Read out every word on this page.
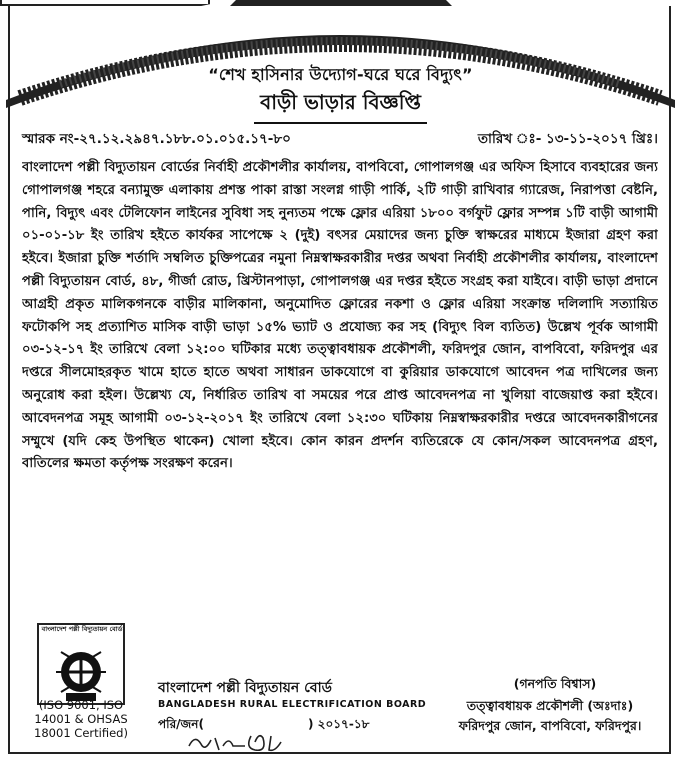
“শেখ হাসিনার উদ্যোগ-ঘরে ঘরে বিদ্যুৎ”
বাড়ী ভাড়ার বিজ্ঞপ্তি
স্মারক নং-২৭.১২.২৯৪৭.১৮৮.০১.০১৫.১৭-৮০	তারিখ ঃ- ১৩-১১-২০১৭ খ্রিঃ।
বাংলাদেশ পল্লী বিদ্যুতায়ন বোর্ডের নির্বাহী প্রকৌশলীর কার্যালয়, বাপবিবো, গোপালগঞ্জ এর অফিস হিসাবে ব্যবহারের জন্য গোপালগঞ্জ শহরে বন্যামুক্ত এলাকায় প্রশস্ত পাকা রাস্তা সংলগ্ন গাড়ী পার্কি, ২টি গাড়ী রাখিবার গ্যারেজ, নিরাপত্তা বেষ্টনি, পানি, বিদ্যুৎ এবং টেলিফোন লাইনের সুবিধা সহ নুন্যতম পক্ষে ফ্লোর এরিয়া ১৮০০ বর্গফুট ফ্লোর সম্পন্ন ১টি বাড়ী আগামী ০১-০১-১৮ ইং তারিখ হইতে কার্যকর সাপেক্ষে ২ (দুই) বৎসর মেয়াদের জন্য চুক্তি স্বাক্ষরের মাধ্যমে ইজারা গ্রহণ করা হইবে। ইজারা চুক্তি শর্তাদি সম্বলিত চুক্তিপত্রের নমুনা নিম্নস্বাক্ষরকারীর দপ্তর অথবা নির্বাহী প্রকৌশলীর কার্যালয়, বাংলাদেশ পল্লী বিদ্যুতায়ন বোর্ড, ৪৮, গীর্জা রোড, খ্রিস্টানপাড়া, গোপালগঞ্জ এর দপ্তর হইতে সংগ্রহ করা যাইবে। বাড়ী ভাড়া প্রদানে আগ্রহী প্রকৃত মালিকগনকে বাড়ীর মালিকানা, অনুমোদিত ফ্লোরের নকশা ও ফ্লোর এরিয়া সংক্রান্ত দলিলাদি সত্যায়িত ফটোকপি সহ প্রত্যাশিত মাসিক বাড়ী ভাড়া ১৫% ভ্যাট ও প্রযোজ্য কর সহ (বিদ্যুৎ বিল ব্যতিত) উল্লেখ পূর্বক আগামী ০৩-১২-১৭ ইং তারিখে বেলা ১২:০০ ঘটিকার মধ্যে তত্ত্বাবধায়ক প্রকৌশলী, ফরিদপুর জোন, বাপবিবো, ফরিদপুর এর দপ্তরে সীলমোহরকৃত খামে হাতে হাতে অথবা সাধারন ডাকযোগে বা কুরিয়ার ডাকযোগে আবেদন পত্র দাখিলের জন্য অনুরোধ করা হইল। উল্লেখ্য যে, নির্ধারিত তারিখ বা সময়ের পরে প্রাপ্ত আবেদনপত্র না খুলিয়া বাজেয়াপ্ত করা হইবে। আবেদনপত্র সমূহ আগামী ০৩-১২-২০১৭ ইং তারিখে বেলা ১২:৩০ ঘটিকায় নিম্নস্বাক্ষরকারীর দপ্তরে আবেদনকারীগনের সম্মুখে (যদি কেহ উপস্থিত থাকেন) খোলা হইবে। কোন কারন প্রদর্শন ব্যতিরেকে যে কোন/সকল আবেদনপত্র গ্রহণ, বাতিলের ক্ষমতা কর্তৃপক্ষ সংরক্ষণ করেন।
বাংলাদেশ পল্লী বিদ্যুতায়ন বোর্ড
(ISO 9001, ISO 14001 & OHSAS 18001 Certified)
বাংলাদেশ পল্লী বিদ্যুতায়ন বোর্ড
BANGLADESH RURAL ELECTRIFICATION BOARD
পরি/জন(	) ২০১৭-১৮
(গনপতি বিশ্বাস)
তত্ত্বাবধায়ক প্রকৌশলী (অঃদাঃ)
ফরিদপুর জোন, বাপবিবো, ফরিদপুর।
